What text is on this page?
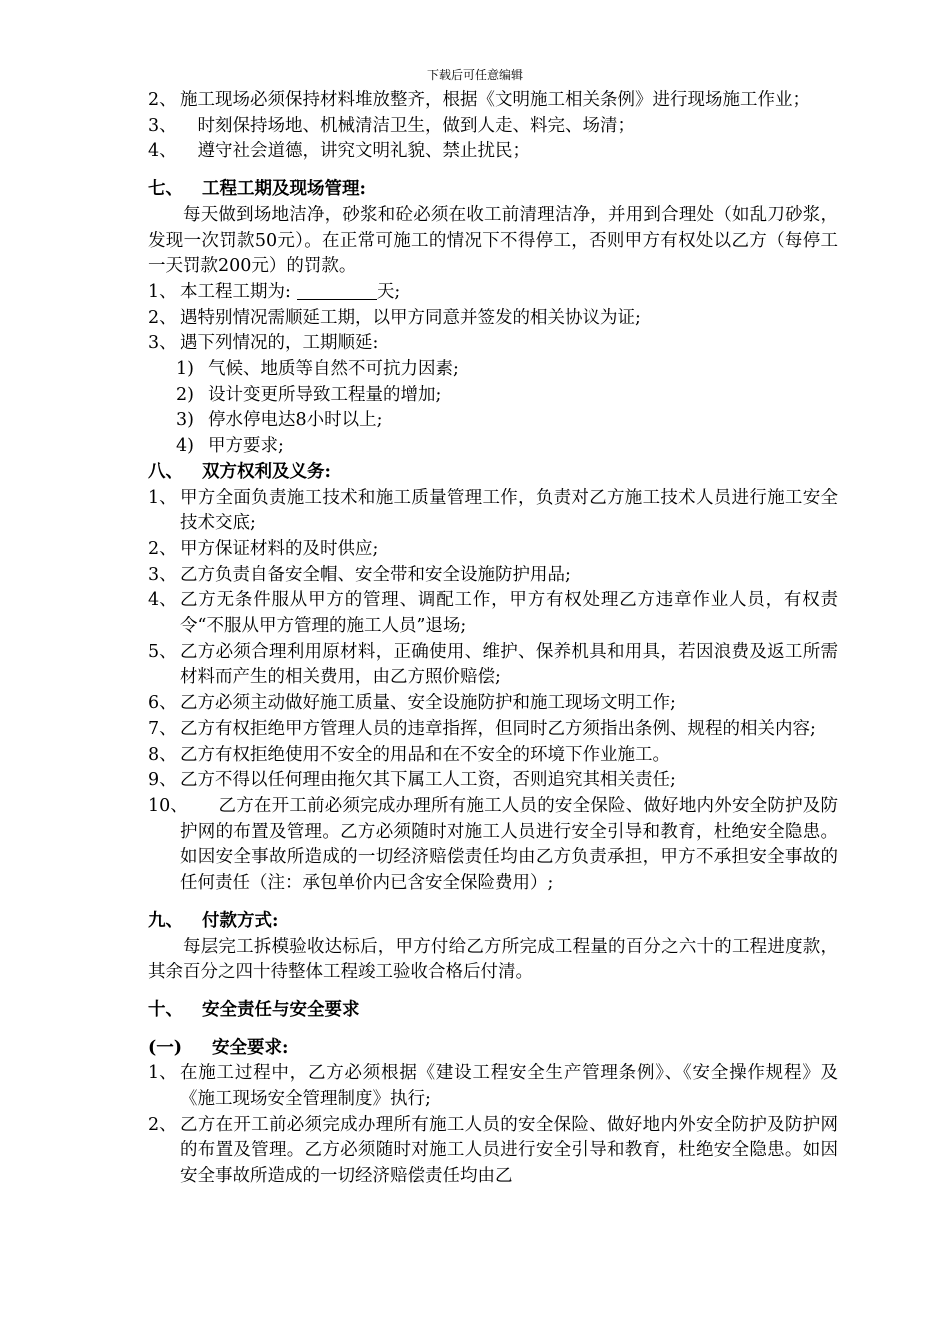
下载后可任意编辑
2、 施工现场必须保持材料堆放整齐，根据《文明施工相关条例》进行现场施工作业；
3、 　时刻保持场地、机械清洁卫生，做到人走、料完、场清；
4、 　遵守社会道德，讲究文明礼貌、禁止扰民；
七、 工程工期及现场管理:
每天做到场地洁净，砂浆和砼必须在收工前清理洁净，并用到合理处（如乱刀砂浆，发现一次罚款50元）。在正常可施工的情况下不得停工，否则甲方有权处以乙方（每停工一天罚款200元）的罚款。
1、 本工程工期为:	天;
2、 遇特别情况需顺延工期，以甲方同意并签发的相关协议为证;
3、 遇下列情况的，工期顺延:
1) 气候、地质等自然不可抗力因素;
2) 设计变更所导致工程量的增加;
3) 停水停电达8小时以上;
4) 甲方要求;
八、 双方权利及义务:
1、 甲方全面负责施工技术和施工质量管理工作，负责对乙方施工技术人员进行施工安全技术交底;
2、 甲方保证材料的及时供应;
3、 乙方负责自备安全帽、安全带和安全设施防护用品;
4、 乙方无条件服从甲方的管理、调配工作，甲方有权处理乙方违章作业人员，有权责令“不服从甲方管理的施工人员”退场;
5、 乙方必须合理利用原材料，正确使用、维护、保养机具和用具，若因浪费及返工所需材料而产生的相关费用，由乙方照价赔偿;
6、 乙方必须主动做好施工质量、安全设施防护和施工现场文明工作;
7、 乙方有权拒绝甲方管理人员的违章指挥，但同时乙方须指出条例、规程的相关内容;
8、 乙方有权拒绝使用不安全的用品和在不安全的环境下作业施工。
9、 乙方不得以任何理由拖欠其下属工人工资，否则追究其相关责任;
10、	乙方在开工前必须完成办理所有施工人员的安全保险、做好地内外安全防护及防护网的布置及管理。乙方必须随时对施工人员进行安全引导和教育，杜绝安全隐患。如因安全事故所造成的一切经济赔偿责任均由乙方负责承担，甲方不承担安全事故的任何责任（注：承包单价内已含安全保险费用）;
九、 付款方式:
每层完工拆模验收达标后，甲方付给乙方所完成工程量的百分之六十的工程进度款，其余百分之四十待整体工程竣工验收合格后付清。
十、 安全责任与安全要求
(一) 安全要求:
1、 在施工过程中，乙方必须根据《建设工程安全生产管理条例》、《安全操作规程》及《施工现场安全管理制度》执行;
2、 乙方在开工前必须完成办理所有施工人员的安全保险、做好地内外安全防护及防护网的布置及管理。乙方必须随时对施工人员进行安全引导和教育，杜绝安全隐患。如因安全事故所造成的一切经济赔偿责任均由乙
